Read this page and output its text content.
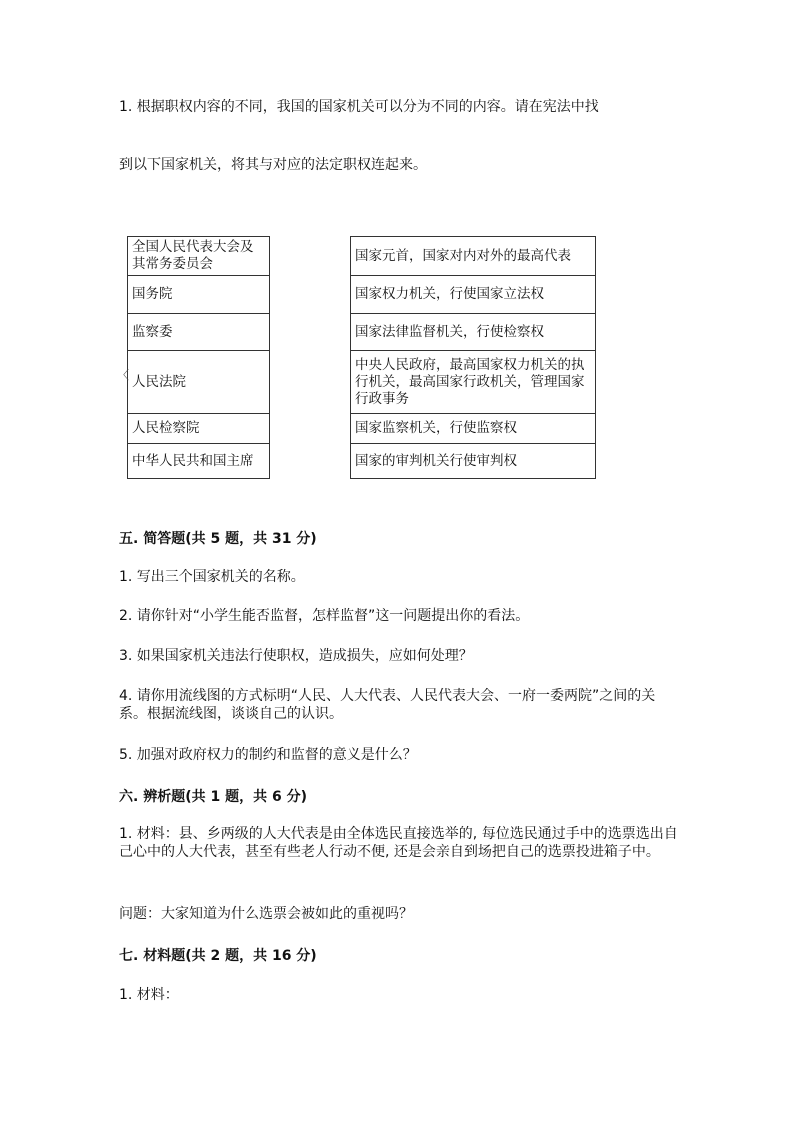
1. 根据职权内容的不同，我国的国家机关可以分为不同的内容。请在宪法中找

到以下国家机关，将其与对应的法定职权连起来。

全国人民代表大会及其常务委员会
国务院
监察委
人民法院
人民检察院
中华人民共和国主席
〈
国家元首，国家对内对外的最高代表
国家权力机关，行使国家立法权
国家法律监督机关，行使检察权
中央人民政府，最高国家权力机关的执行机关，最高国家行政机关，管理国家行政事务
国家监察机关，行使监察权
国家的审判机关行使审判权

五. 简答题(共 5 题，共 31 分)

1. 写出三个国家机关的名称。

2. 请你针对“小学生能否监督，怎样监督”这一问题提出你的看法。

3. 如果国家机关违法行使职权，造成损失，应如何处理？

4. 请你用流线图的方式标明“人民、人大代表、人民代表大会、一府一委两院”之间的关系。根据流线图，谈谈自己的认识。

5. 加强对政府权力的制约和监督的意义是什么？

六. 辨析题(共 1 题，共 6 分)

1. 材料：县、乡两级的人大代表是由全体选民直接选举的, 每位选民通过手中的选票选出自己心中的人大代表，甚至有些老人行动不便, 还是会亲自到场把自己的选票投进箱子中。

问题：大家知道为什么选票会被如此的重视吗？

七. 材料题(共 2 题，共 16 分)

1. 材料：
